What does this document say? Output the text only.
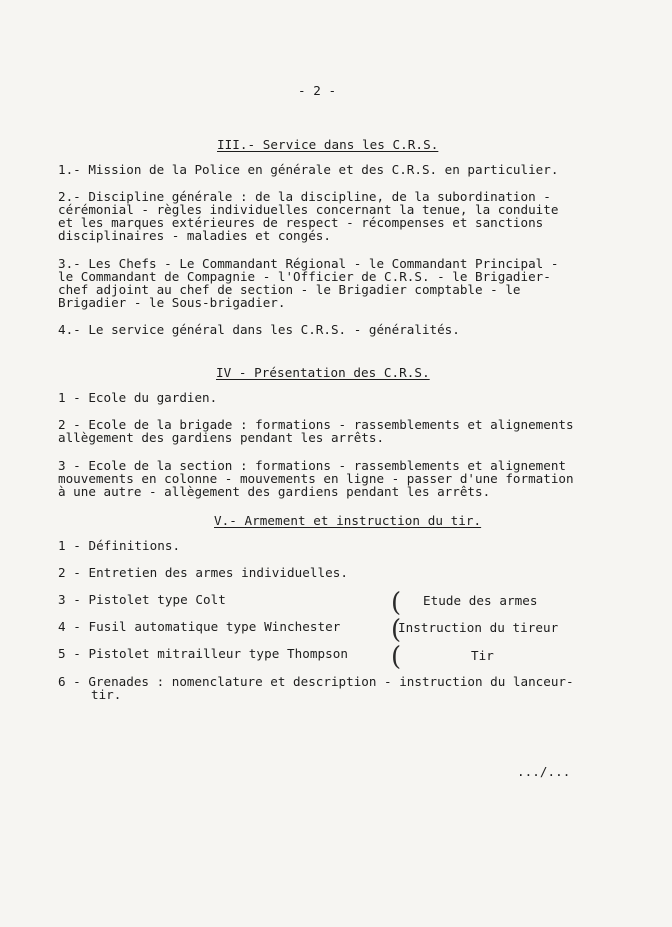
- 2 -
III.- Service dans les C.R.S.
1.- Mission de la Police en générale et des C.R.S. en particulier.
2.- Discipline générale : de la discipline, de la subordination -
cérémonial - règles individuelles concernant la tenue, la conduite
et les marques extérieures de respect - récompenses et sanctions
disciplinaires - maladies et congés.
3.- Les Chefs - Le Commandant Régional - le Commandant Principal -
le Commandant de Compagnie - l'Officier de C.R.S. - le Brigadier-
chef adjoint au chef de section - le Brigadier comptable - le
Brigadier - le Sous-brigadier.
4.- Le service général dans les C.R.S. - généralités.
IV - Présentation des C.R.S.
1 - Ecole du gardien.
2 - Ecole de la brigade : formations - rassemblements et alignements
allègement des gardiens pendant les arrêts.
3 - Ecole de la section : formations - rassemblements et alignement
mouvements en colonne - mouvements en ligne - passer d'une formation
à une autre - allègement des gardiens pendant les arrêts.
V.- Armement et instruction du tir.
1 - Définitions.
2 - Entretien des armes individuelles.
3 - Pistolet type Colt
4 - Fusil automatique type Winchester
5 - Pistolet mitrailleur type Thompson
(
(
(
Etude des armes
Instruction du tireur
Tir
6 - Grenades : nomenclature et description - instruction du lanceur-
tir.
.../...
